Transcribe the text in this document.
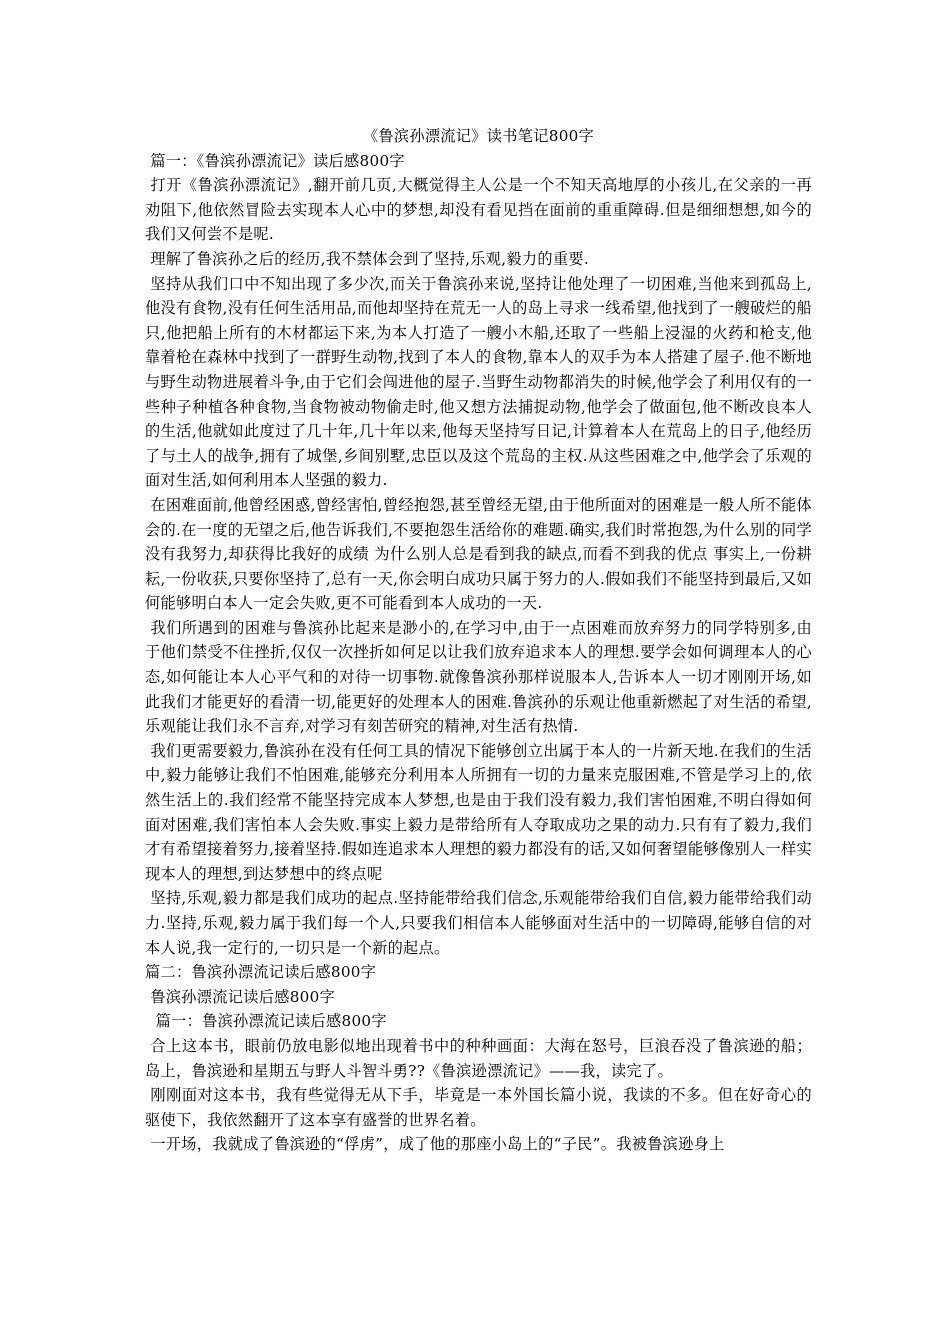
《鲁滨孙漂流记》读书笔记800字

篇一：《鲁滨孙漂流记》读后感800字

打开《鲁滨孙漂流记》,翻开前几页,大概觉得主人公是一个不知天高地厚的小孩儿,在父亲的一再劝阻下,他依然冒险去实现本人心中的梦想,却没有看见挡在面前的重重障碍.但是细细想想,如今的我们又何尝不是呢.

理解了鲁滨孙之后的经历,我不禁体会到了坚持,乐观,毅力的重要.

坚持从我们口中不知出现了多少次,而关于鲁滨孙来说,坚持让他处理了一切困难,当他来到孤岛上,他没有食物,没有任何生活用品,而他却坚持在荒无一人的岛上寻求一线希望,他找到了一艘破烂的船只,他把船上所有的木材都运下来,为本人打造了一艘小木船,还取了一些船上浸湿的火药和枪支,他靠着枪在森林中找到了一群野生动物,找到了本人的食物,靠本人的双手为本人搭建了屋子.他不断地与野生动物进展着斗争,由于它们会闯进他的屋子.当野生动物都消失的时候,他学会了利用仅有的一些种子种植各种食物,当食物被动物偷走时,他又想方法捕捉动物,他学会了做面包,他不断改良本人的生活,他就如此度过了几十年,几十年以来,他每天坚持写日记,计算着本人在荒岛上的日子,他经历了与土人的战争,拥有了城堡,乡间别墅,忠臣以及这个荒岛的主权.从这些困难之中,他学会了乐观的面对生活,如何利用本人坚强的毅力.

在困难面前,他曾经困惑,曾经害怕,曾经抱怨,甚至曾经无望,由于他所面对的困难是一般人所不能体会的.在一度的无望之后,他告诉我们,不要抱怨生活给你的难题.确实,我们时常抱怨,为什么别的同学没有我努力,却获得比我好的成绩 为什么别人总是看到我的缺点,而看不到我的优点 事实上,一份耕耘,一份收获,只要你坚持了,总有一天,你会明白成功只属于努力的人.假如我们不能坚持到最后,又如何能够明白本人一定会失败,更不可能看到本人成功的一天.

我们所遇到的困难与鲁滨孙比起来是渺小的,在学习中,由于一点困难而放弃努力的同学特别多,由于他们禁受不住挫折,仅仅一次挫折如何足以让我们放弃追求本人的理想.要学会如何调理本人的心态,如何能让本人心平气和的对待一切事物.就像鲁滨孙那样说服本人,告诉本人一切才刚刚开场,如此我们才能更好的看清一切,能更好的处理本人的困难.鲁滨孙的乐观让他重新燃起了对生活的希望,乐观能让我们永不言弃,对学习有刻苦研究的精神,对生活有热情.

我们更需要毅力,鲁滨孙在没有任何工具的情况下能够创立出属于本人的一片新天地.在我们的生活中,毅力能够让我们不怕困难,能够充分利用本人所拥有一切的力量来克服困难,不管是学习上的,依然生活上的.我们经常不能坚持完成本人梦想,也是由于我们没有毅力,我们害怕困难,不明白得如何面对困难,我们害怕本人会失败.事实上毅力是带给所有人夺取成功之果的动力.只有有了毅力,我们才有希望接着努力,接着坚持.假如连追求本人理想的毅力都没有的话,又如何奢望能够像别人一样实现本人的理想,到达梦想中的终点呢

坚持,乐观,毅力都是我们成功的起点.坚持能带给我们信念,乐观能带给我们自信,毅力能带给我们动力.坚持,乐观,毅力属于我们每一个人,只要我们相信本人能够面对生活中的一切障碍,能够自信的对本人说,我一定行的,一切只是一个新的起点。

篇二：鲁滨孙漂流记读后感800字

鲁滨孙漂流记读后感800字

篇一：鲁滨孙漂流记读后感800字

合上这本书，眼前仍放电影似地出现着书中的种种画面：大海在怒号，巨浪吞没了鲁滨逊的船；岛上，鲁滨逊和星期五与野人斗智斗勇??《鲁滨逊漂流记》——我，读完了。

刚刚面对这本书，我有些觉得无从下手，毕竟是一本外国长篇小说，我读的不多。但在好奇心的驱使下，我依然翻开了这本享有盛誉的世界名着。

一开场，我就成了鲁滨逊的“俘虏”，成了他的那座小岛上的“子民”。我被鲁滨逊身上
